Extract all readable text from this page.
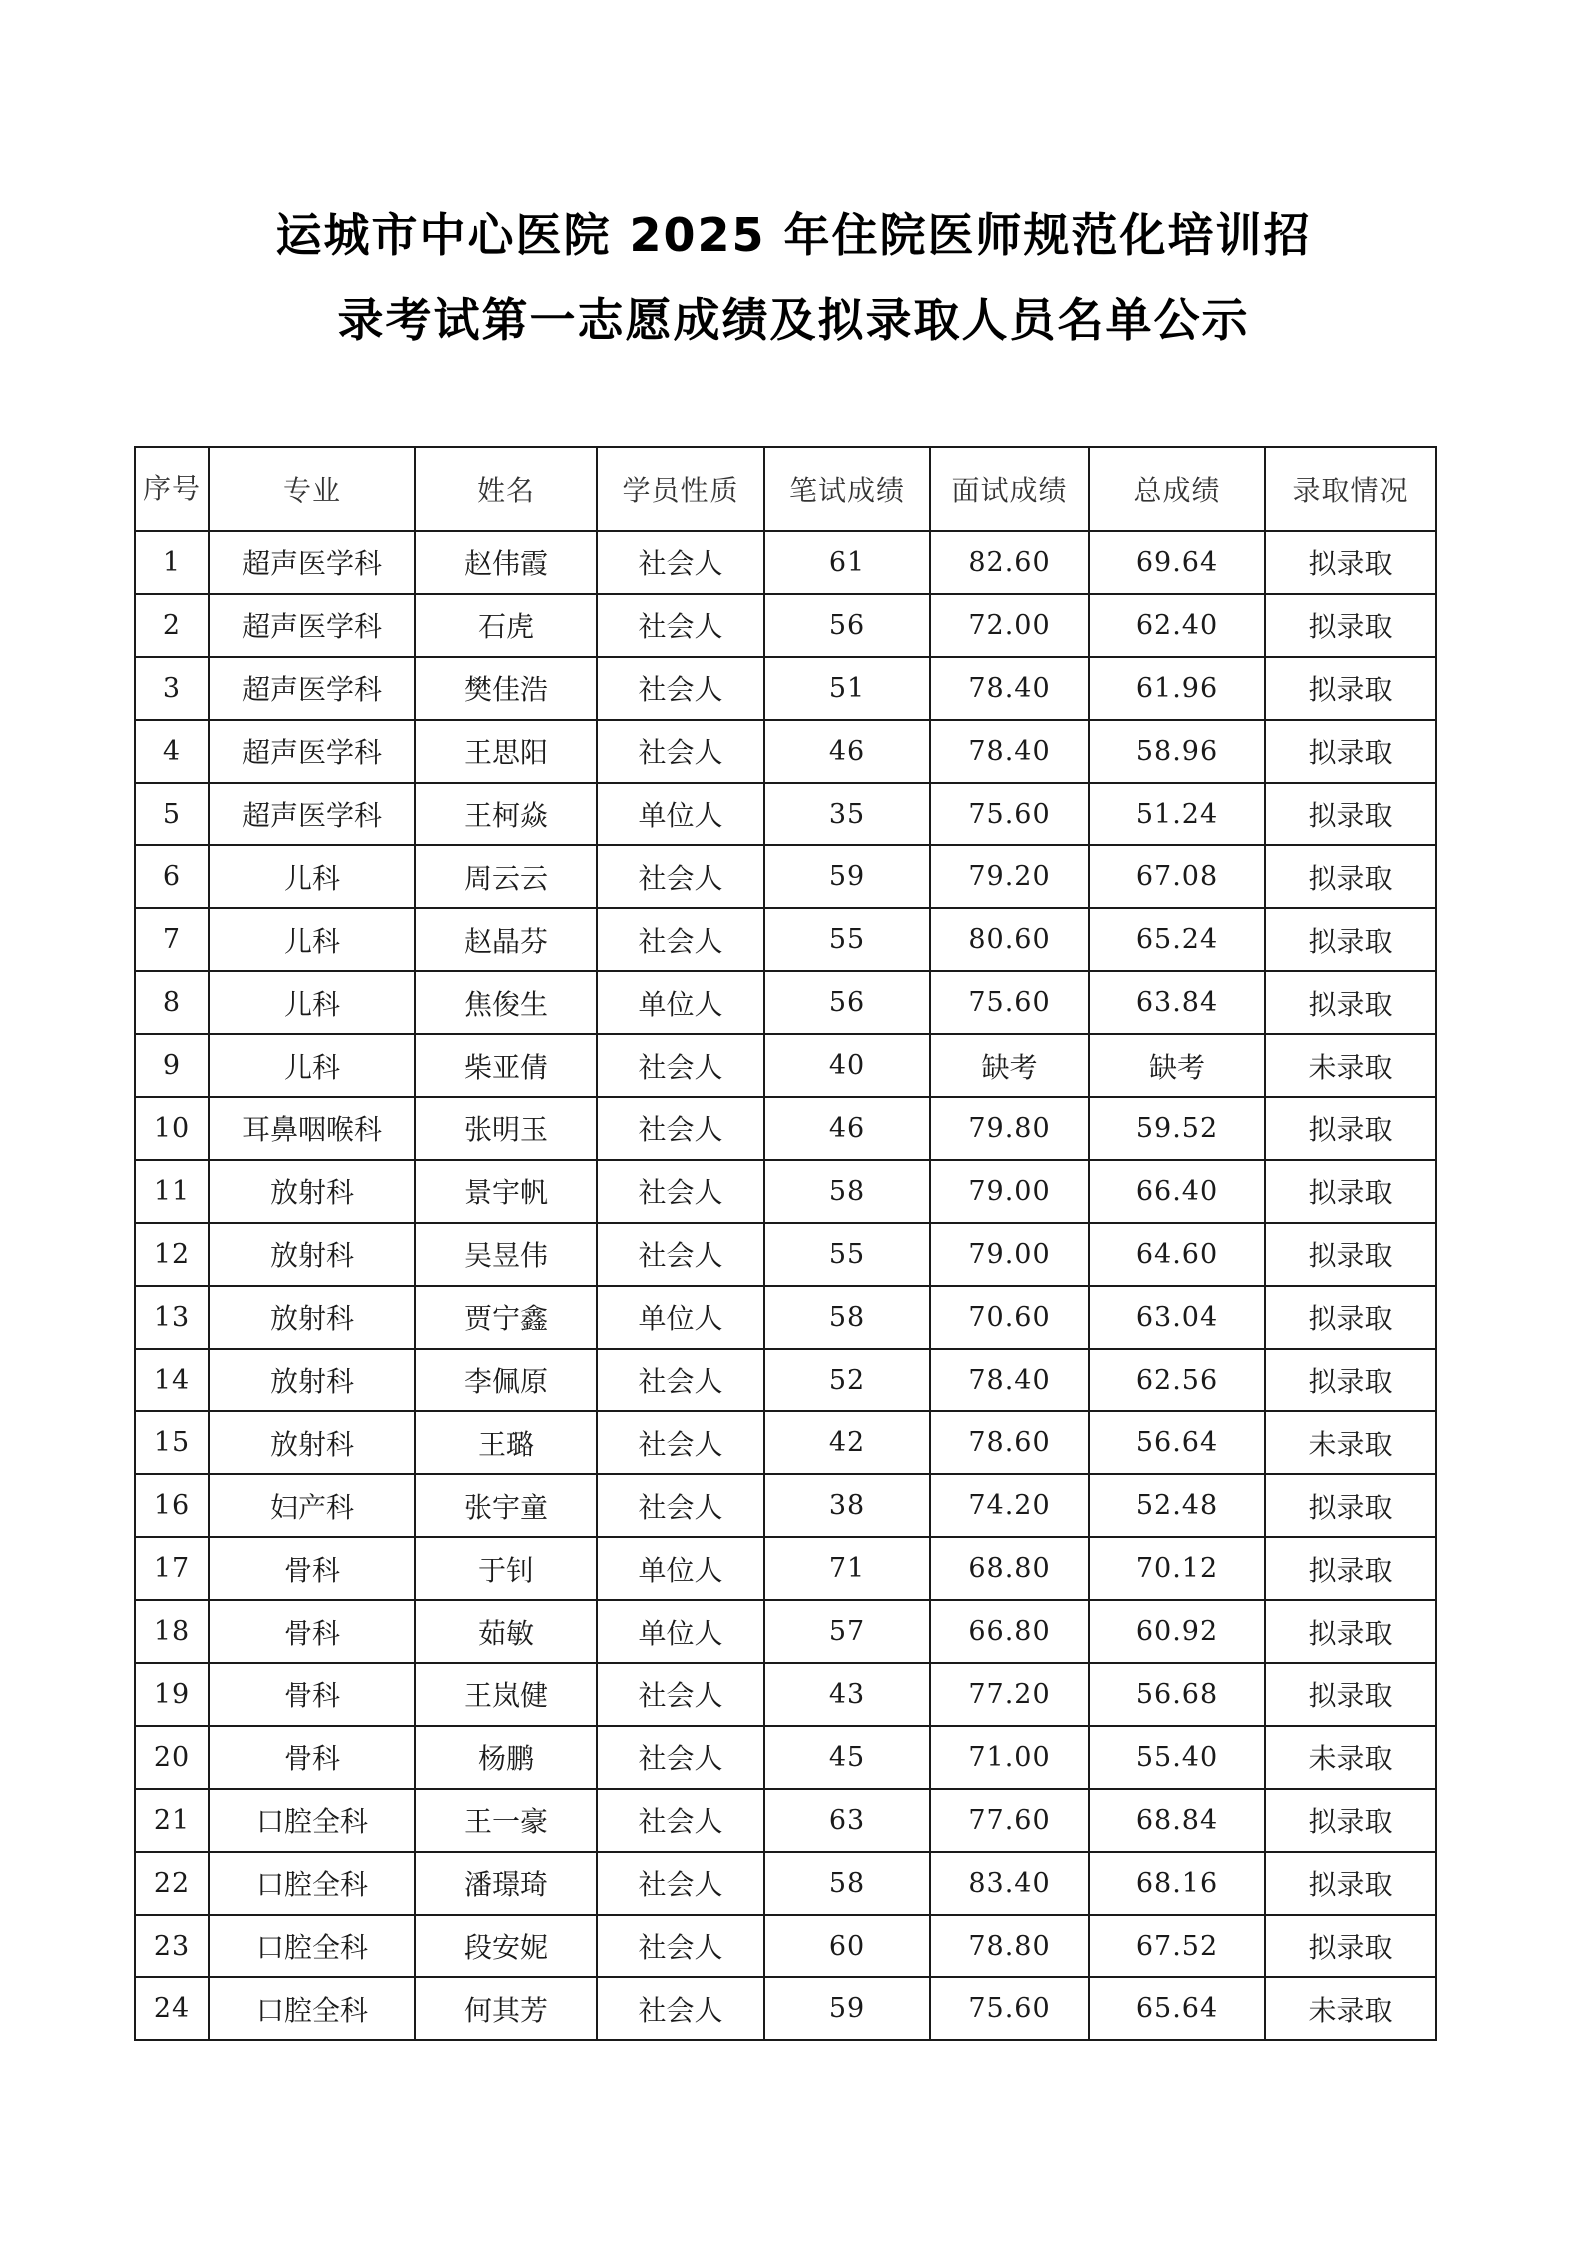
运城市中心医院 2025 年住院医师规范化培训招
录考试第一志愿成绩及拟录取人员名单公示
序号	专业	姓名	学员性质	笔试成绩	面试成绩	总成绩	录取情况
1	超声医学科	赵伟霞	社会人	61	82.60	69.64	拟录取
2	超声医学科	石虎	社会人	56	72.00	62.40	拟录取
3	超声医学科	樊佳浩	社会人	51	78.40	61.96	拟录取
4	超声医学科	王思阳	社会人	46	78.40	58.96	拟录取
5	超声医学科	王柯焱	单位人	35	75.60	51.24	拟录取
6	儿科	周云云	社会人	59	79.20	67.08	拟录取
7	儿科	赵晶芬	社会人	55	80.60	65.24	拟录取
8	儿科	焦俊生	单位人	56	75.60	63.84	拟录取
9	儿科	柴亚倩	社会人	40	缺考	缺考	未录取
10	耳鼻咽喉科	张明玉	社会人	46	79.80	59.52	拟录取
11	放射科	景宇帆	社会人	58	79.00	66.40	拟录取
12	放射科	吴昱伟	社会人	55	79.00	64.60	拟录取
13	放射科	贾宁鑫	单位人	58	70.60	63.04	拟录取
14	放射科	李佩原	社会人	52	78.40	62.56	拟录取
15	放射科	王璐	社会人	42	78.60	56.64	未录取
16	妇产科	张宇童	社会人	38	74.20	52.48	拟录取
17	骨科	于钊	单位人	71	68.80	70.12	拟录取
18	骨科	茹敏	单位人	57	66.80	60.92	拟录取
19	骨科	王岚健	社会人	43	77.20	56.68	拟录取
20	骨科	杨鹏	社会人	45	71.00	55.40	未录取
21	口腔全科	王一豪	社会人	63	77.60	68.84	拟录取
22	口腔全科	潘璟琦	社会人	58	83.40	68.16	拟录取
23	口腔全科	段安妮	社会人	60	78.80	67.52	拟录取
24	口腔全科	何其芳	社会人	59	75.60	65.64	未录取
